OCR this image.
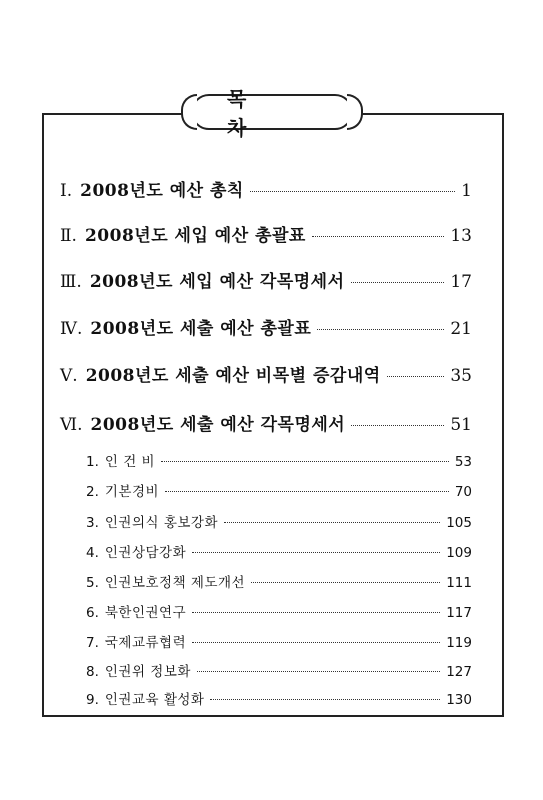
목 차
Ⅰ. 2008년도 예산 총칙	1
Ⅱ. 2008년도 세입 예산 총괄표	13
Ⅲ. 2008년도 세입 예산 각목명세서	17
Ⅳ. 2008년도 세출 예산 총괄표	21
Ⅴ. 2008년도 세출 예산 비목별 증감내역	35
Ⅵ. 2008년도 세출 예산 각목명세서	51
1. 인 건 비	53
2. 기본경비	70
3. 인권의식 홍보강화	105
4. 인권상담강화	109
5. 인권보호정책 제도개선	111
6. 북한인권연구	117
7. 국제교류협력	119
8. 인권위 정보화	127
9. 인권교육 활성화	130
